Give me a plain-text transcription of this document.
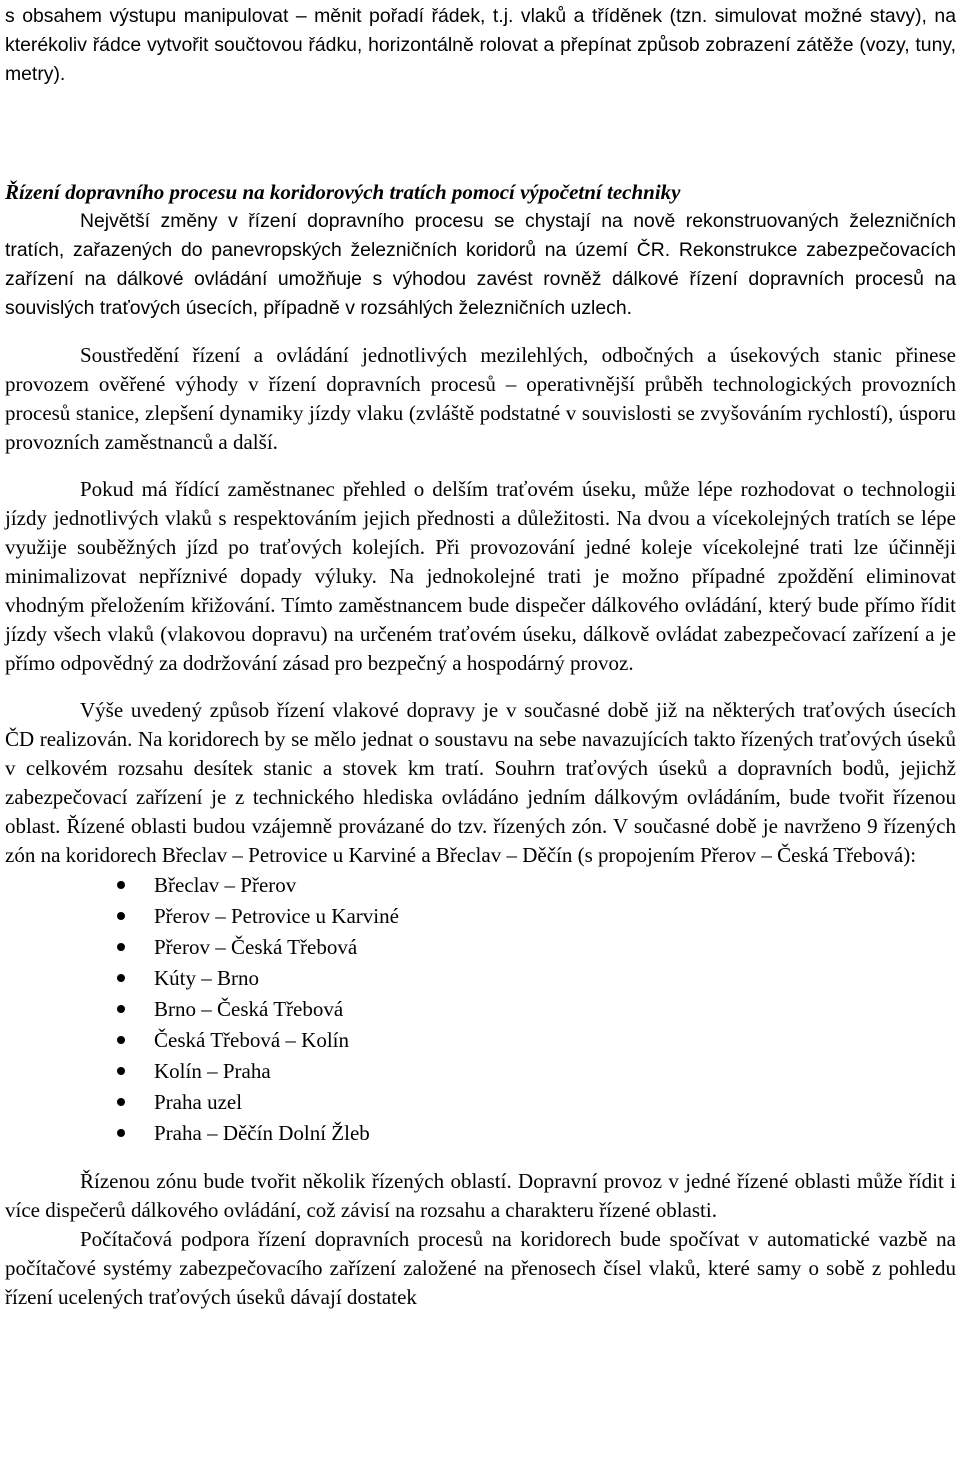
s obsahem výstupu manipulovat – měnit pořadí řádek, t.j. vlaků a tříděnek (tzn. simulovat možné stavy), na kterékoliv řádce vytvořit součtovou řádku, horizontálně rolovat a přepínat způsob zobrazení zátěže (vozy, tuny, metry).

Řízení dopravního procesu na koridorových tratích pomocí výpočetní techniky

Největší změny v řízení dopravního procesu se chystají na nově rekonstruovaných železničních tratích, zařazených do panevropských železničních koridorů na území ČR. Rekonstrukce zabezpečovacích zařízení na dálkové ovládání umožňuje s výhodou zavést rovněž dálkové řízení dopravních procesů na souvislých traťových úsecích, případně v rozsáhlých železničních uzlech.

Soustředění řízení a ovládání jednotlivých mezilehlých, odbočných a úsekových stanic přinese provozem ověřené výhody v řízení dopravních procesů – operativnější průběh technologických provozních procesů stanice, zlepšení dynamiky jízdy vlaku (zvláště podstatné v souvislosti se zvyšováním rychlostí), úsporu provozních zaměstnanců a další.

Pokud má řídící zaměstnanec přehled o delším traťovém úseku, může lépe rozhodovat o technologii jízdy jednotlivých vlaků s respektováním jejich přednosti a důležitosti. Na dvou a vícekolejných tratích se lépe využije souběžných jízd po traťových kolejích. Při provozování jedné koleje vícekolejné trati lze účinněji minimalizovat nepříznivé dopady výluky. Na jednokolejné trati je možno případné zpoždění eliminovat vhodným přeložením křižování. Tímto zaměstnancem bude dispečer dálkového ovládání, který bude přímo řídit jízdy všech vlaků (vlakovou dopravu) na určeném traťovém úseku, dálkově ovládat zabezpečovací zařízení a je přímo odpovědný za dodržování zásad pro bezpečný a hospodárný provoz.

Výše uvedený způsob řízení vlakové dopravy je v současné době již na některých traťových úsecích ČD realizován. Na koridorech by se mělo jednat o soustavu na sebe navazujících takto řízených traťových úseků v celkovém rozsahu desítek stanic a stovek km tratí. Souhrn traťových úseků a dopravních bodů, jejichž zabezpečovací zařízení je z technického hlediska ovládáno jedním dálkovým ovládáním, bude tvořit řízenou oblast. Řízené oblasti budou vzájemně provázané do tzv. řízených zón. V současné době je navrženo 9 řízených zón na koridorech Břeclav – Petrovice u Karviné a Břeclav – Děčín (s propojením Přerov – Česká Třebová):

Břeclav – Přerov
Přerov – Petrovice u Karviné
Přerov – Česká Třebová
Kúty – Brno
Brno – Česká Třebová
Česká Třebová – Kolín
Kolín – Praha
Praha uzel
Praha – Děčín Dolní Žleb

Řízenou zónu bude tvořit několik řízených oblastí. Dopravní provoz v jedné řízené oblasti může řídit i více dispečerů dálkového ovládání, což závisí na rozsahu a charakteru řízené oblasti.

Počítačová podpora řízení dopravních procesů na koridorech bude spočívat v automatické vazbě na počítačové systémy zabezpečovacího zařízení založené na přenosech čísel vlaků, které samy o sobě z pohledu řízení ucelených traťových úseků dávají dostatek
